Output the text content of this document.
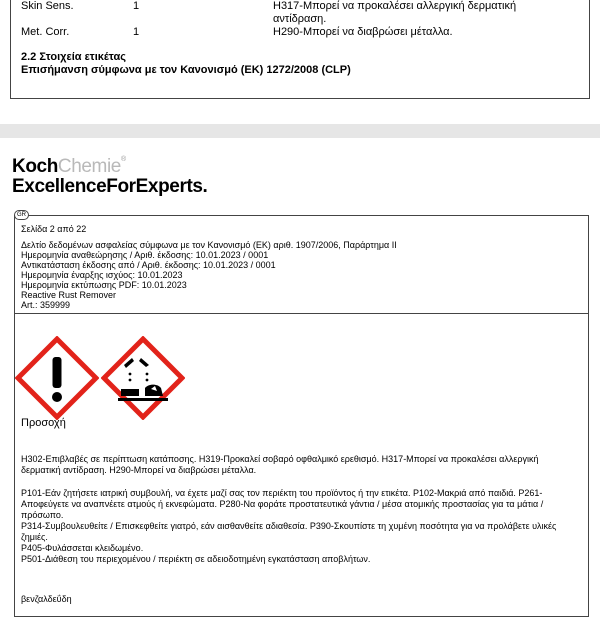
Skin Sens.	1	H317-Μπορεί να προκαλέσει αλλεργική δερματική
αντίδραση.
Met. Corr.	1	H290-Μπορεί να διαβρώσει μέταλλα.
2.2 Στοιχεία ετικέτας
Επισήμανση σύμφωνα με τον Κανονισμό (ΕΚ) 1272/2008 (CLP)
KochChemie®
ExcellenceForExperts.
GR
Σελίδα 2 από 22
Δελτίο δεδομένων ασφαλείας σύμφωνα με τον Κανονισμό (ΕΚ) αριθ. 1907/2006, Παράρτημα II
Ημερομηνία αναθεώρησης / Αριθ. έκδοσης: 10.01.2023 / 0001
Αντικατάσταση έκδοσης από / Αριθ. έκδοσης: 10.01.2023 / 0001
Ημερομηνία έναρξης ισχύος: 10.01.2023
Ημερομηνία εκτύπωσης PDF: 10.01.2023
Reactive Rust Remover
Art.: 359999
Προσοχή
H302-Επιβλαβές σε περίπτωση κατάποσης. H319-Προκαλεί σοβαρό οφθαλμικό ερεθισμό. H317-Μπορεί να προκαλέσει αλλεργική δερματική αντίδραση. H290-Μπορεί να διαβρώσει μέταλλα.
P101-Εάν ζητήσετε ιατρική συμβουλή, να έχετε μαζί σας τον περιέκτη του προϊόντος ή την ετικέτα. P102-Μακριά από παιδιά. P261-Αποφεύγετε να αναπνέετε ατμούς ή εκνεφώματα. P280-Να φοράτε προστατευτικά γάντια / μέσα ατομικής προστασίας για τα μάτια / πρόσωπο.
P314-Συμβουλευθείτε / Επισκεφθείτε γιατρό, εάν αισθανθείτε αδιαθεσία. P390-Σκουπίστε τη χυμένη ποσότητα για να προλάβετε υλικές ζημιές.
P405-Φυλάσσεται κλειδωμένο.
P501-Διάθεση του περιεχομένου / περιέκτη σε αδειοδοτημένη εγκατάσταση αποβλήτων.
βενζαλδεΰδη
